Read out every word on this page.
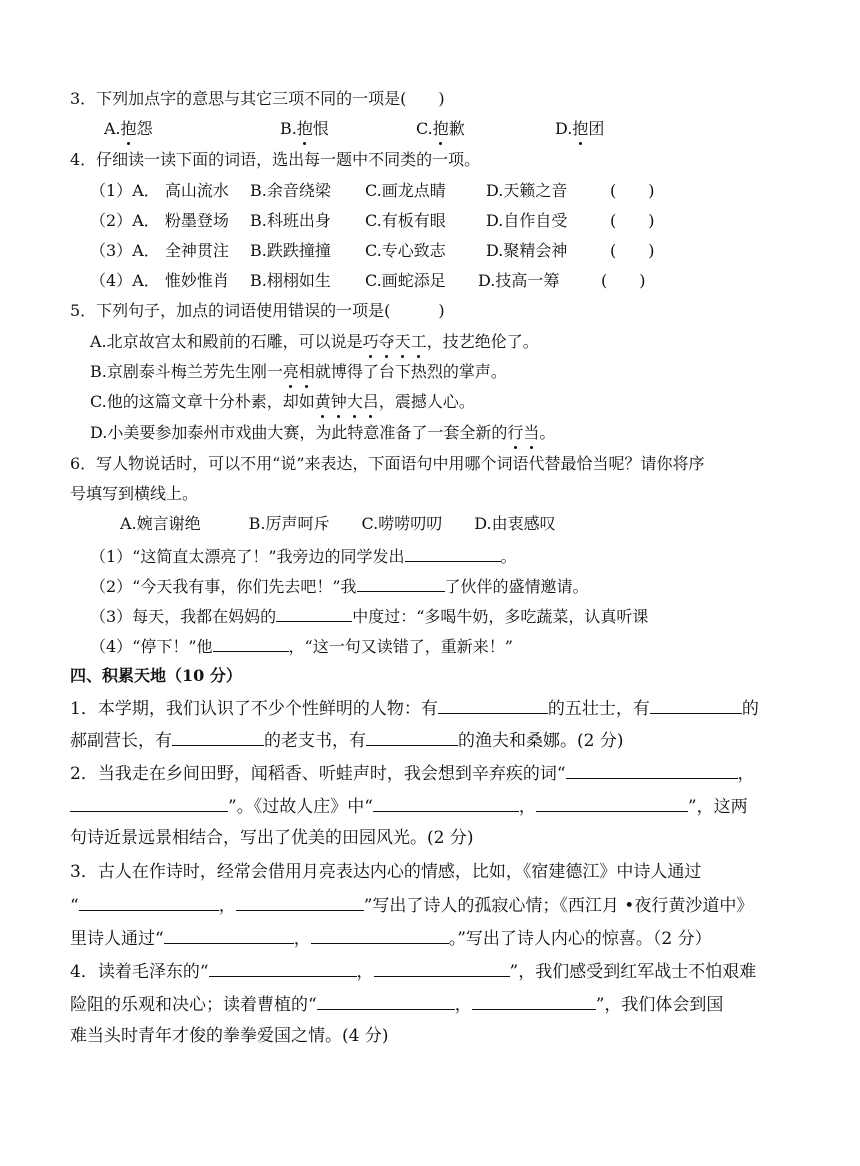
3．下列加点字的意思与其它三项不同的一项是(　　)
A.抱怨	B.抱恨	C.抱歉	D.抱团
4．仔细读一读下面的词语，选出每一题中不同类的一项。
（1）A． 高山流水 B.余音绕梁 C.画龙点睛	D.天籁之音	(　　)
（2）A． 粉墨登场 B.科班出身 C.有板有眼	D.自作自受	(　　)
（3）A． 全神贯注 B.跌跌撞撞 C.专心致志	D.聚精会神	(　　)
（4）A． 惟妙惟肖 B.栩栩如生 C.画蛇添足 D.技高一筹	(　　)
5．下列句子，加点的词语使用错误的一项是(　　　)
A.北京故宫太和殿前的石雕，可以说是巧夺天工，技艺绝伦了。
B.京剧泰斗梅兰芳先生刚一亮相就博得了台下热烈的掌声。
C.他的这篇文章十分朴素，却如黄钟大吕，震撼人心。
D.小美要参加泰州市戏曲大赛，为此特意准备了一套全新的行当。
6．写人物说话时，可以不用“说”来表达，下面语句中用哪个词语代替最恰当呢？请你将序
号填写到横线上。
A.婉言谢绝　　　B.厉声呵斥　　C.唠唠叨叨　　D.由衷感叹
（1）“这简直太漂亮了！”我旁边的同学发出	。
（2）“今天我有事，你们先去吧！”我	了伙伴的盛情邀请。
（3）每天，我都在妈妈的	中度过：“多喝牛奶，多吃蔬菜，认真听课
（4）“停下！”他	，“这一句又读错了，重新来！”
四、积累天地（10 分）
1．本学期，我们认识了不少个性鲜明的人物：有	的五壮士，有	的
郝副营长，有	的老支书，有	的渔夫和桑娜。(2 分)
2．当我走在乡间田野，闻稻香、听蛙声时，我会想到辛弃疾的词“	，
”。《过故人庄》中“	，	”，这两
句诗近景远景相结合，写出了优美的田园风光。(2 分)
3．古人在作诗时，经常会借用月亮表达内心的情感，比如，《宿建德江》中诗人通过
“	，	”写出了诗人的孤寂心情；《西江月 •夜行黄沙道中》
里诗人通过“	，	。”写出了诗人内心的惊喜。（2 分）
4．读着毛泽东的“	，	”，我们感受到红军战士不怕艰难
险阻的乐观和决心；读着曹植的“	，	”，我们体会到国
难当头时青年才俊的拳拳爱国之情。(4 分)
